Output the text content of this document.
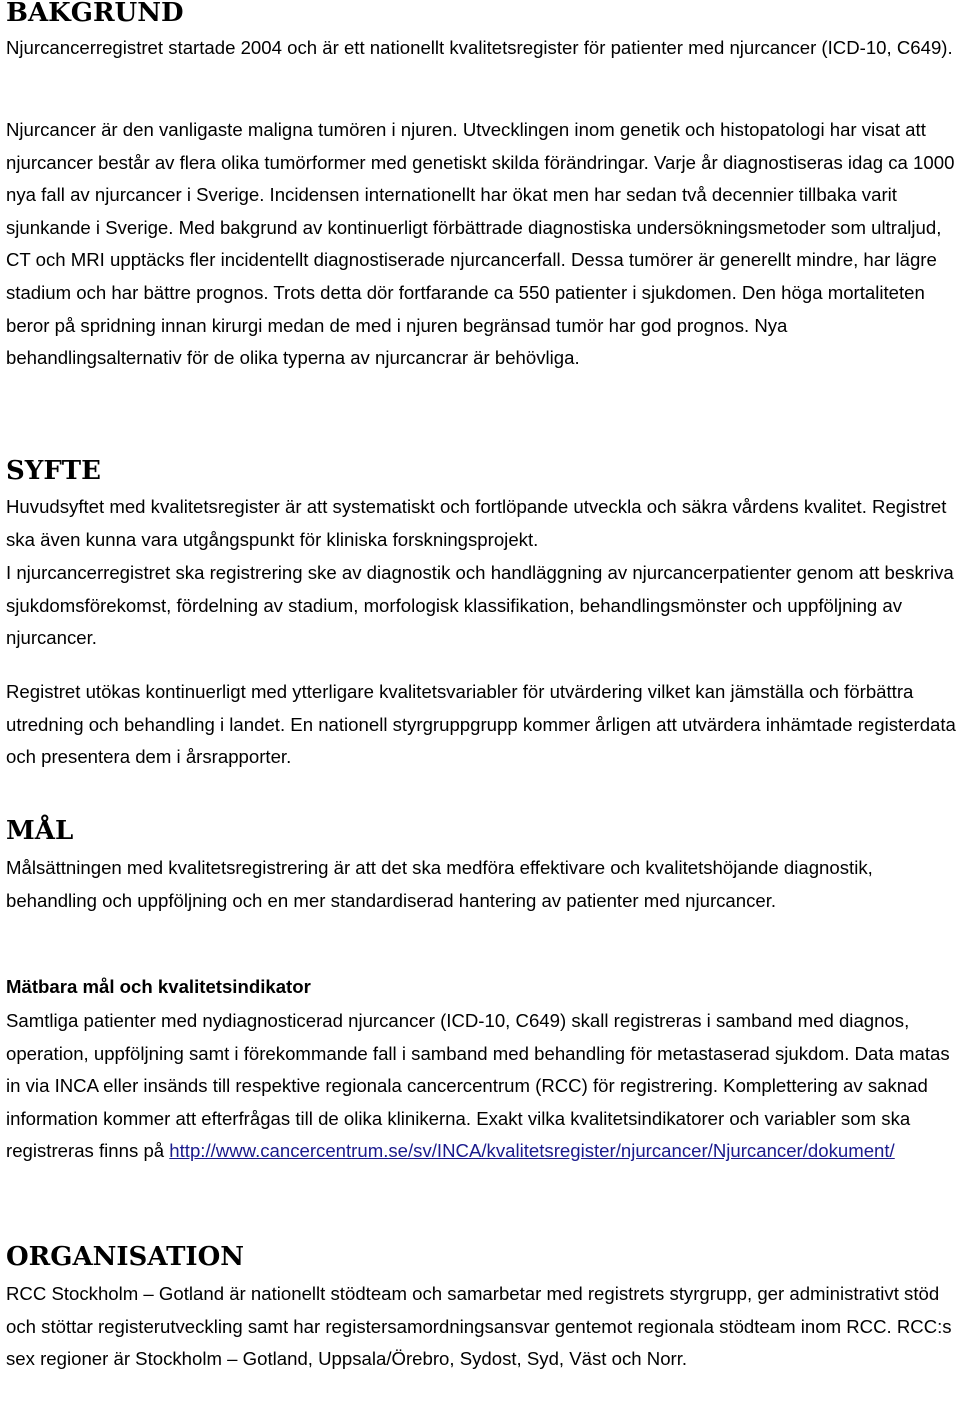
BAKGRUND

Njurcancerregistret startade 2004 och är ett nationellt kvalitetsregister för patienter med njurcancer (ICD-10, C649).

Njurcancer är den vanligaste maligna tumören i njuren. Utvecklingen inom genetik och histopatologi har visat att njurcancer består av flera olika tumörformer med genetiskt skilda förändringar. Varje år diagnostiseras idag ca 1000 nya fall av njurcancer i Sverige. Incidensen internationellt har ökat men har sedan två decennier tillbaka varit sjunkande i Sverige. Med bakgrund av kontinuerligt förbättrade diagnostiska undersökningsmetoder som ultraljud, CT och MRI upptäcks fler incidentellt diagnostiserade njurcancerfall. Dessa tumörer är generellt mindre, har lägre stadium och har bättre prognos. Trots detta dör fortfarande ca 550 patienter i sjukdomen. Den höga mortaliteten beror på spridning innan kirurgi medan de med i njuren begränsad tumör har god prognos. Nya behandlingsalternativ för de olika typerna av njurcancrar är behövliga.

SYFTE

Huvudsyftet med kvalitetsregister är att systematiskt och fortlöpande utveckla och säkra vårdens kvalitet. Registret ska även kunna vara utgångspunkt för kliniska forskningsprojekt.

I njurcancerregistret ska registrering ske av diagnostik och handläggning av njurcancerpatienter genom att beskriva sjukdomsförekomst, fördelning av stadium, morfologisk klassifikation, behandlingsmönster och uppföljning av njurcancer.

Registret utökas kontinuerligt med ytterligare kvalitetsvariabler för utvärdering vilket kan jämställa och förbättra utredning och behandling i landet. En nationell styrgruppgrupp kommer årligen att utvärdera inhämtade registerdata och presentera dem i årsrapporter.

MÅL

Målsättningen med kvalitetsregistrering är att det ska medföra effektivare och kvalitetshöjande diagnostik, behandling och uppföljning och en mer standardiserad hantering av patienter med njurcancer.

Mätbara mål och kvalitetsindikator

Samtliga patienter med nydiagnosticerad njurcancer (ICD-10, C649) skall registreras i samband med diagnos, operation, uppföljning samt i förekommande fall i samband med behandling för metastaserad sjukdom. Data matas in via INCA eller insänds till respektive regionala cancercentrum (RCC) för registrering. Komplettering av saknad information kommer att efterfrågas till de olika klinikerna. Exakt vilka kvalitetsindikatorer och variabler som ska registreras finns på http://www.cancercentrum.se/sv/INCA/kvalitetsregister/njurcancer/Njurcancer/dokument/

ORGANISATION

RCC Stockholm – Gotland är nationellt stödteam och samarbetar med registrets styrgrupp, ger administrativt stöd och stöttar registerutveckling samt har registersamordningsansvar gentemot regionala stödteam inom RCC. RCC:s sex regioner är Stockholm – Gotland, Uppsala/Örebro, Sydost, Syd, Väst och Norr.
